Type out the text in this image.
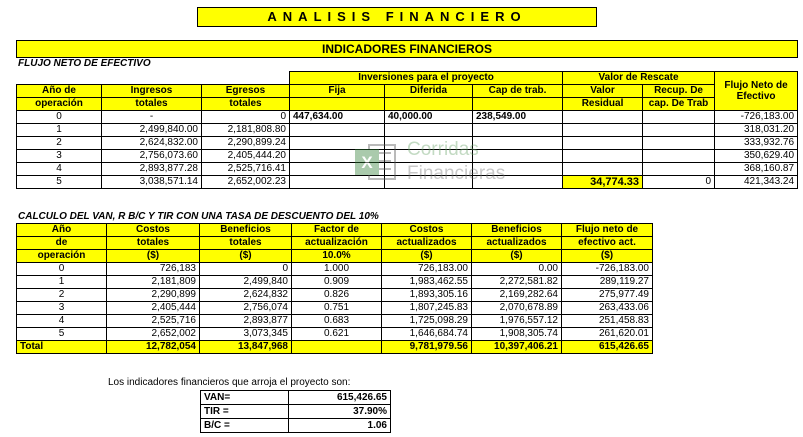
ANALISIS FINANCIERO
INDICADORES FINANCIEROS
FLUJO NETO DE EFECTIVO
			Inversiones para el proyecto			Valor de Rescate		Flujo Neto de
Efectivo
Año de	Ingresos	Egresos	Fija	Diferida	Cap de trab.	Valor	Recup. De	
operación	totales	totales				Residual	cap. De Trab	
0	-	0	447,634.00	40,000.00	238,549.00			-726,183.00
1	2,499,840.00	2,181,808.80						318,031.20
2	2,624,832.00	2,290,899.24						333,932.76
3	2,756,073.60	2,405,444.20						350,629.40
4	2,893,877.28	2,525,716.41						368,160.87
5	3,038,571.14	2,652,002.23				34,774.33	0	421,343.24
X
Corridas
Financieras
CALCULO DEL VAN, R B/C Y TIR CON UNA TASA DE DESCUENTO DEL 10%
Año	Costos	Beneficios	Factor de	Costos	Beneficios	Flujo neto de
de	totales	totales	actualización	actualizados	actualizados	efectivo act.
operación	($)	($)	10.0%	($)	($)	($)
0	726,183	0	1.000	726,183.00	0.00	-726,183.00
1	2,181,809	2,499,840	0.909	1,983,462.55	2,272,581.82	289,119.27
2	2,290,899	2,624,832	0.826	1,893,305.16	2,169,282.64	275,977.49
3	2,405,444	2,756,074	0.751	1,807,245.83	2,070,678.89	263,433.06
4	2,525,716	2,893,877	0.683	1,725,098.29	1,976,557.12	251,458.83
5	2,652,002	3,073,345	0.621	1,646,684.74	1,908,305.74	261,620.01
Total	12,782,054	13,847,968		9,781,979.56	10,397,406.21	615,426.65
Los indicadores financieros que arroja el proyecto son:
VAN=	615,426.65
TIR =	37.90%
B/C =	1.06
